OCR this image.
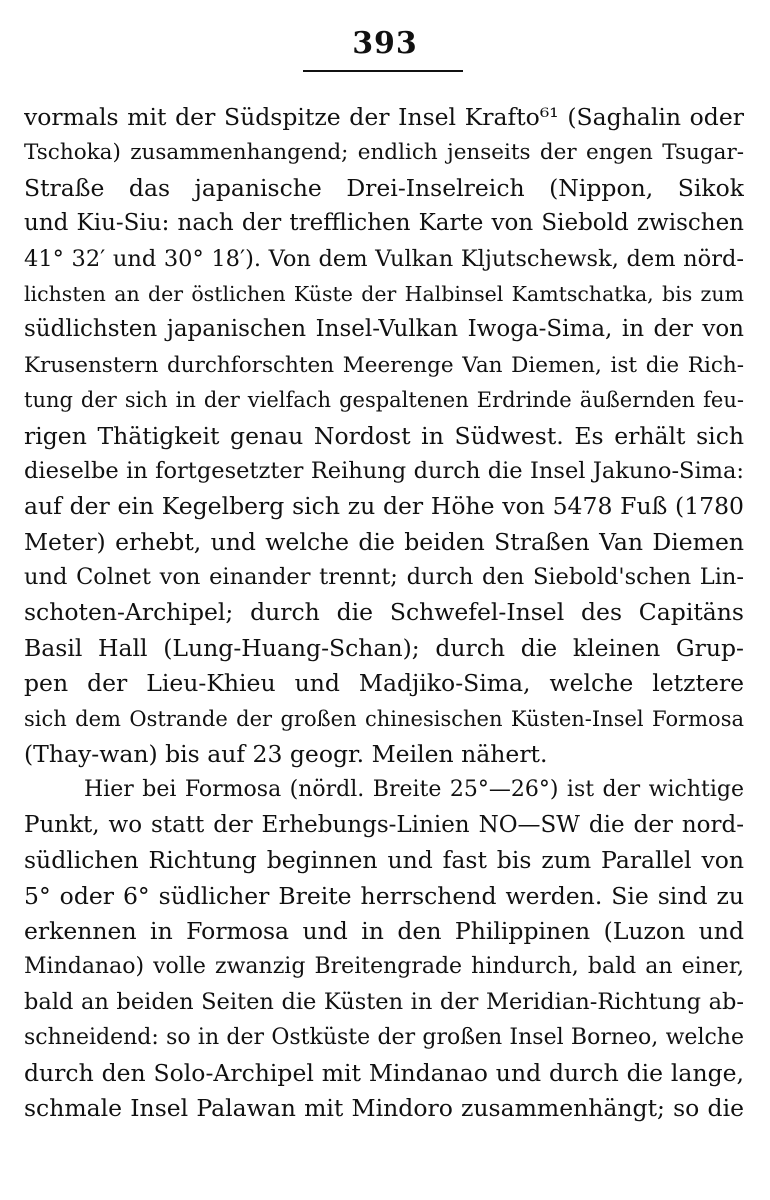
393
vormals mit der Südspitze der Insel Krafto⁶¹ (Saghalin oder
Tschoka) zusammenhangend; endlich jenseits der engen Tsugar-
Straße das japanische Drei-Inselreich (Nippon, Sikok
und Kiu-Siu: nach der trefflichen Karte von Siebold zwischen
41° 32′ und 30° 18′). Von dem Vulkan Kljutschewsk, dem nörd-
lichsten an der östlichen Küste der Halbinsel Kamtschatka, bis zum
südlichsten japanischen Insel-Vulkan Iwoga-Sima, in der von
Krusenstern durchforschten Meerenge Van Diemen, ist die Rich-
tung der sich in der vielfach gespaltenen Erdrinde äußernden feu-
rigen Thätigkeit genau Nordost in Südwest. Es erhält sich
dieselbe in fortgesetzter Reihung durch die Insel Jakuno-Sima:
auf der ein Kegelberg sich zu der Höhe von 5478 Fuß (1780
Meter) erhebt, und welche die beiden Straßen Van Diemen
und Colnet von einander trennt; durch den Siebold'schen Lin-
schoten-Archipel; durch die Schwefel-Insel des Capitäns
Basil Hall (Lung-Huang-Schan); durch die kleinen Grup-
pen der Lieu-Khieu und Madjiko-Sima, welche letztere
sich dem Ostrande der großen chinesischen Küsten-Insel Formosa
(Thay-wan) bis auf 23 geogr. Meilen nähert.
Hier bei Formosa (nördl. Breite 25°—26°) ist der wichtige
Punkt, wo statt der Erhebungs-Linien NO—SW die der nord-
südlichen Richtung beginnen und fast bis zum Parallel von
5° oder 6° südlicher Breite herrschend werden. Sie sind zu
erkennen in Formosa und in den Philippinen (Luzon und
Mindanao) volle zwanzig Breitengrade hindurch, bald an einer,
bald an beiden Seiten die Küsten in der Meridian-Richtung ab-
schneidend: so in der Ostküste der großen Insel Borneo, welche
durch den Solo-Archipel mit Mindanao und durch die lange,
schmale Insel Palawan mit Mindoro zusammenhängt; so die
